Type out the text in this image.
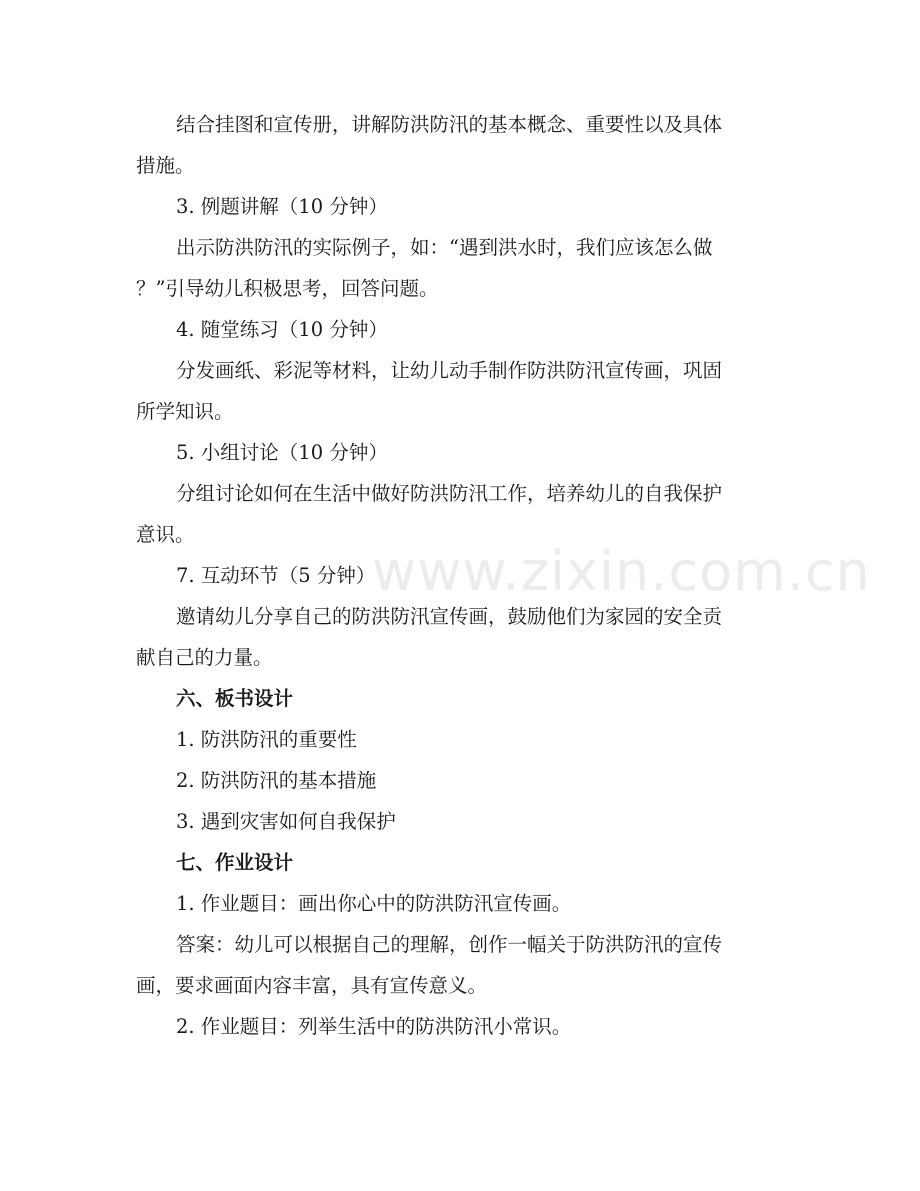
结合挂图和宣传册，讲解防洪防汛的基本概念、重要性以及具体

措施。

3. 例题讲解（10 分钟）

出示防洪防汛的实际例子，如：“遇到洪水时，我们应该怎么做

？”引导幼儿积极思考，回答问题。

4. 随堂练习（10 分钟）

分发画纸、彩泥等材料，让幼儿动手制作防洪防汛宣传画，巩固

所学知识。

5. 小组讨论（10 分钟）

分组讨论如何在生活中做好防洪防汛工作，培养幼儿的自我保护

意识。

7. 互动环节（5 分钟）

邀请幼儿分享自己的防洪防汛宣传画，鼓励他们为家园的安全贡

献自己的力量。

六、板书设计

1. 防洪防汛的重要性

2. 防洪防汛的基本措施

3. 遇到灾害如何自我保护

七、作业设计

1. 作业题目：画出你心中的防洪防汛宣传画。

答案：幼儿可以根据自己的理解，创作一幅关于防洪防汛的宣传

画，要求画面内容丰富，具有宣传意义。

2. 作业题目：列举生活中的防洪防汛小常识。

www.zixin.com.cn
